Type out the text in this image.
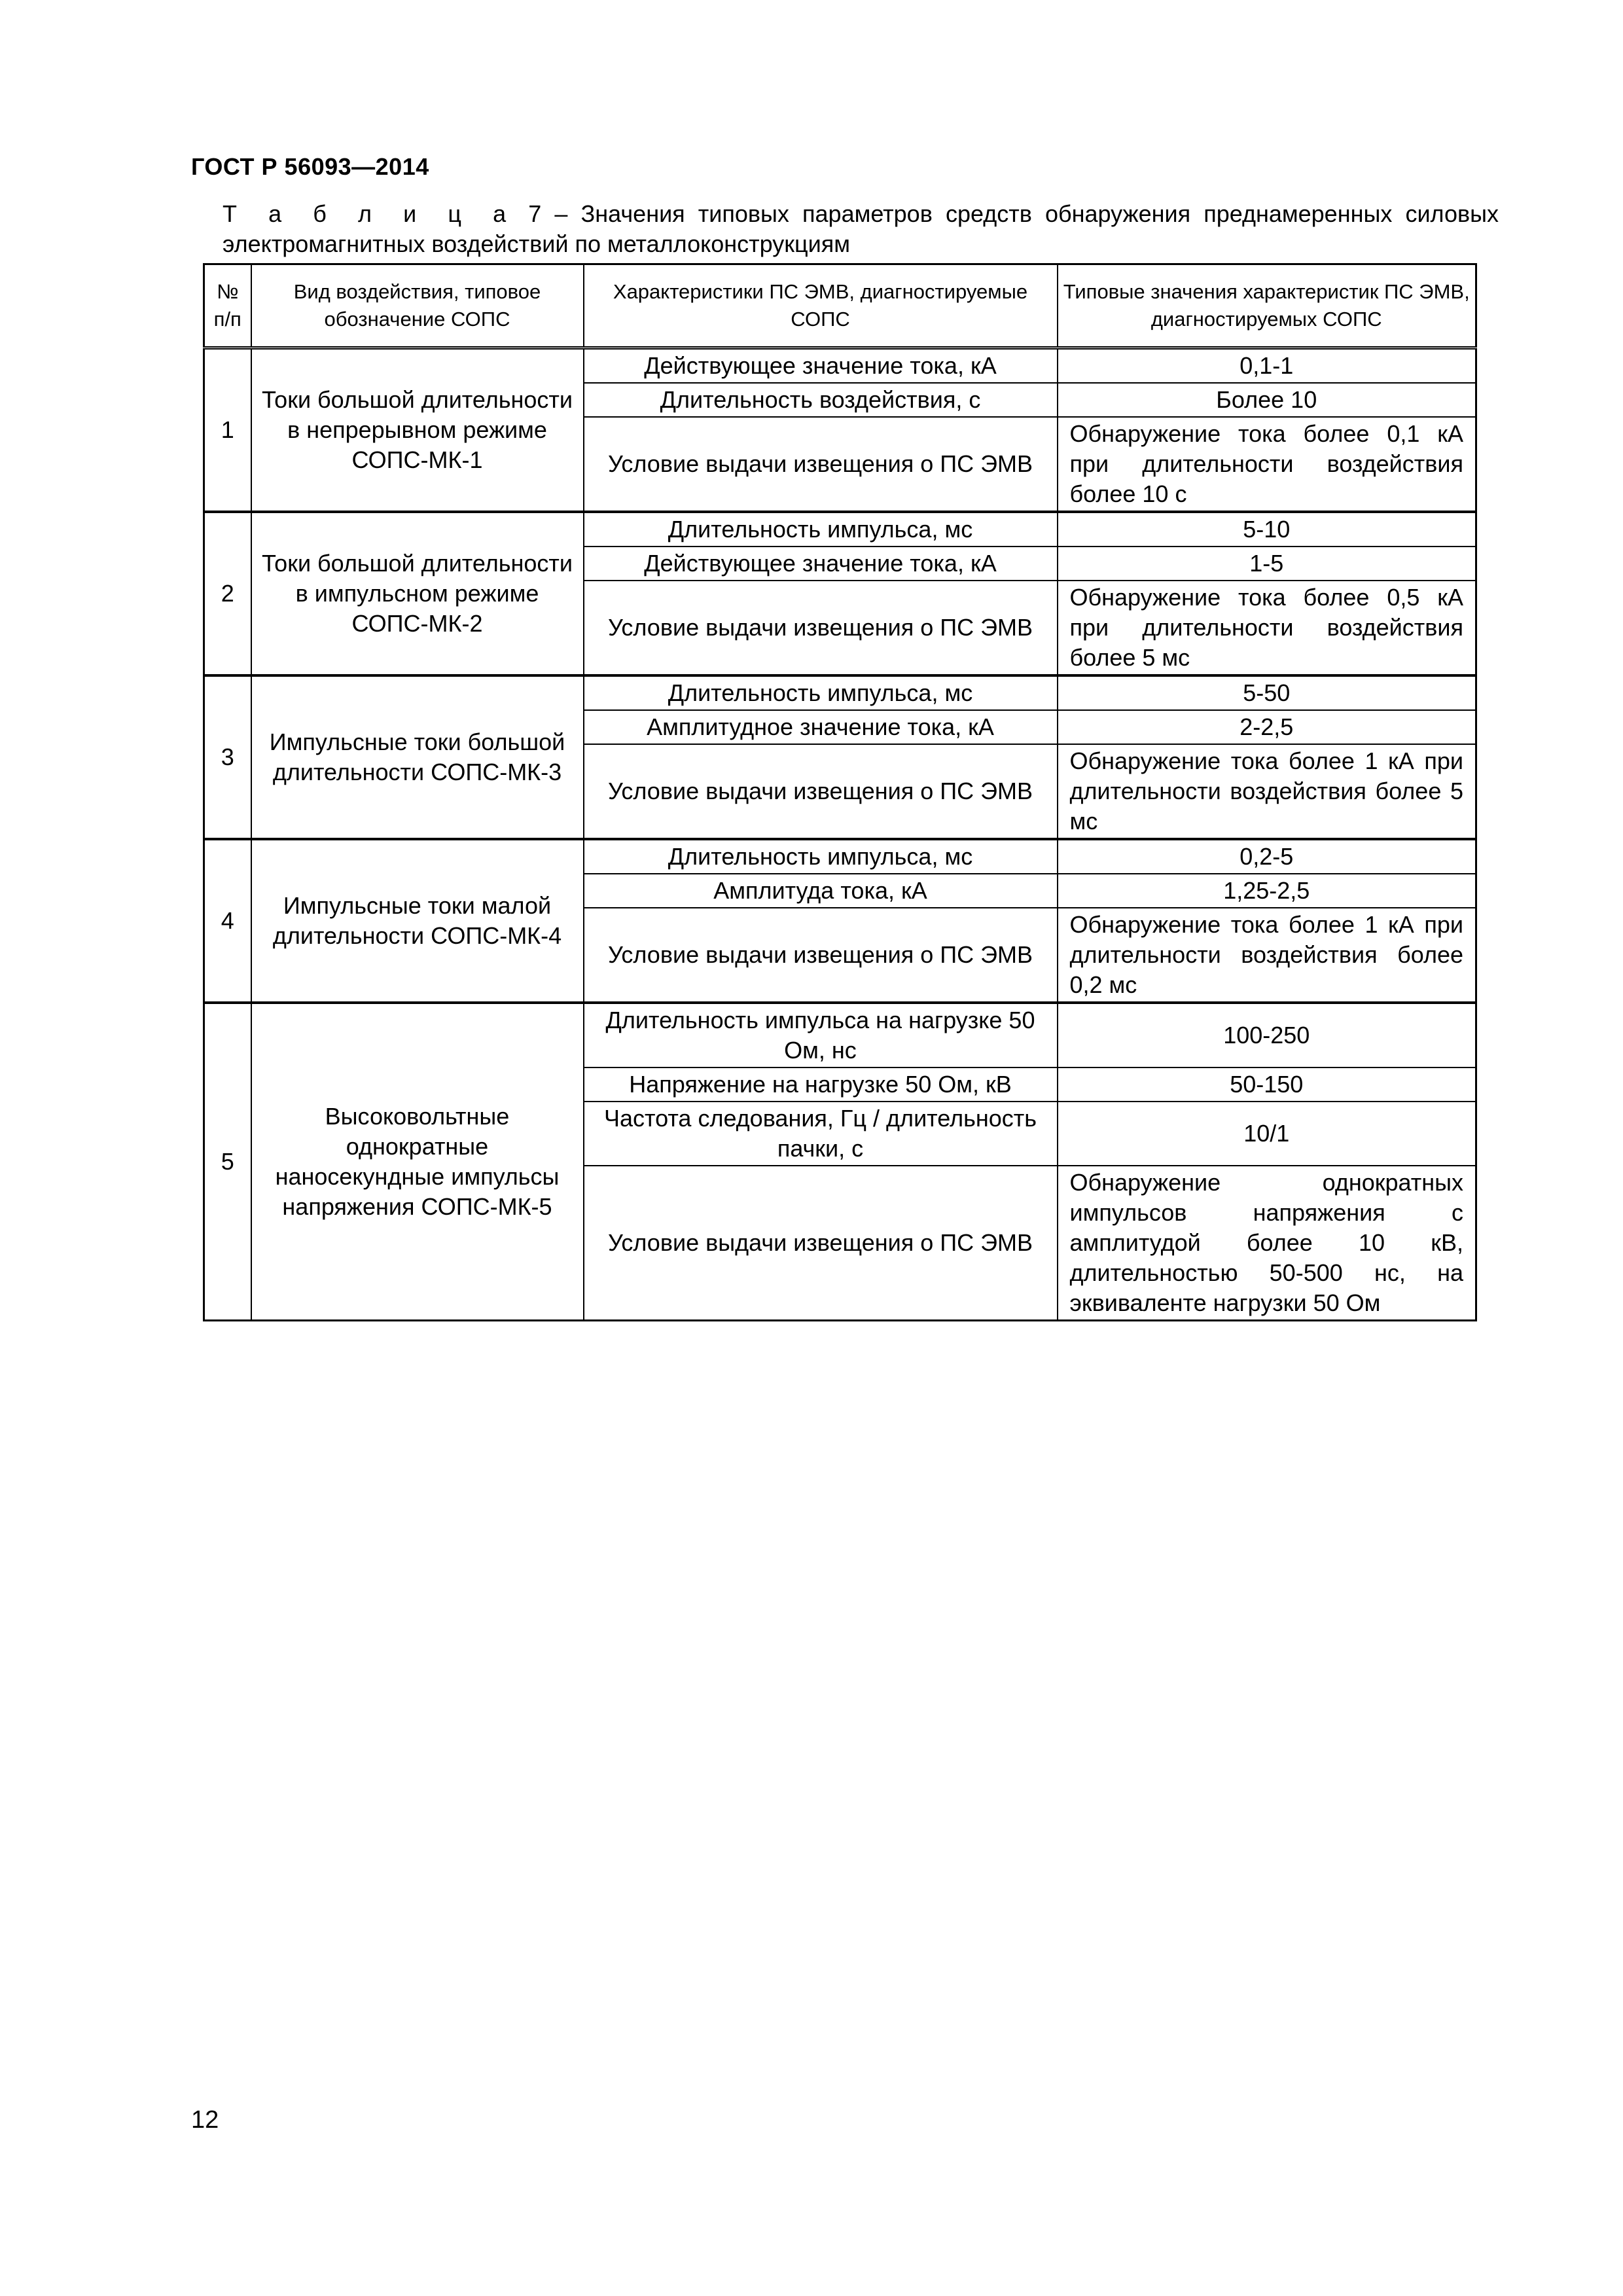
ГОСТ Р 56093—2014
Т а б л и ц а 7 – Значения типовых параметров средств обнаружения преднамеренных силовых электромагнитных воздействий по металлоконструкциям
№ п/п	Вид воздействия, типовое обозначение СОПС	Характеристики ПС ЭМВ, диагностируемые СОПС	Типовые значения характеристик ПС ЭМВ, диагностируемых СОПС
1	Токи большой длительности в непрерывном режиме СОПС-МК-1	Действующее значение тока, кА	0,1-1
		Длительность воздействия, с	Более 10
		Условие выдачи извещения о ПС ЭМВ	Обнаружение тока более 0,1 кА при длительности воздействия более 10 с
2	Токи большой длительности в импульсном режиме СОПС-МК-2	Длительность импульса, мс	5-10
		Действующее значение тока, кА	1-5
		Условие выдачи извещения о ПС ЭМВ	Обнаружение тока более 0,5 кА при длительности воздействия более 5 мс
3	Импульсные токи большой длительности СОПС-МК-3	Длительность импульса, мс	5-50
		Амплитудное значение тока, кА	2-2,5
		Условие выдачи извещения о ПС ЭМВ	Обнаружение тока более 1 кА при длительности воздействия более 5 мс
4	Импульсные токи малой длительности СОПС-МК-4	Длительность импульса, мс	0,2-5
		Амплитуда тока, кА	1,25-2,5
		Условие выдачи извещения о ПС ЭМВ	Обнаружение тока более 1 кА при длительности воздействия более 0,2 мс
5	Высоковольтные однократные наносекундные импульсы напряжения СОПС-МК-5	Длительность импульса на нагрузке 50 Ом, нс	100-250
		Напряжение на нагрузке 50 Ом, кВ	50-150
		Частота следования, Гц / длительность пачки, с	10/1
		Условие выдачи извещения о ПС ЭМВ	Обнаружение однократных импульсов напряжения с амплитудой более 10 кВ, длительностью 50-500 нс, на эквиваленте нагрузки 50 Ом
12
